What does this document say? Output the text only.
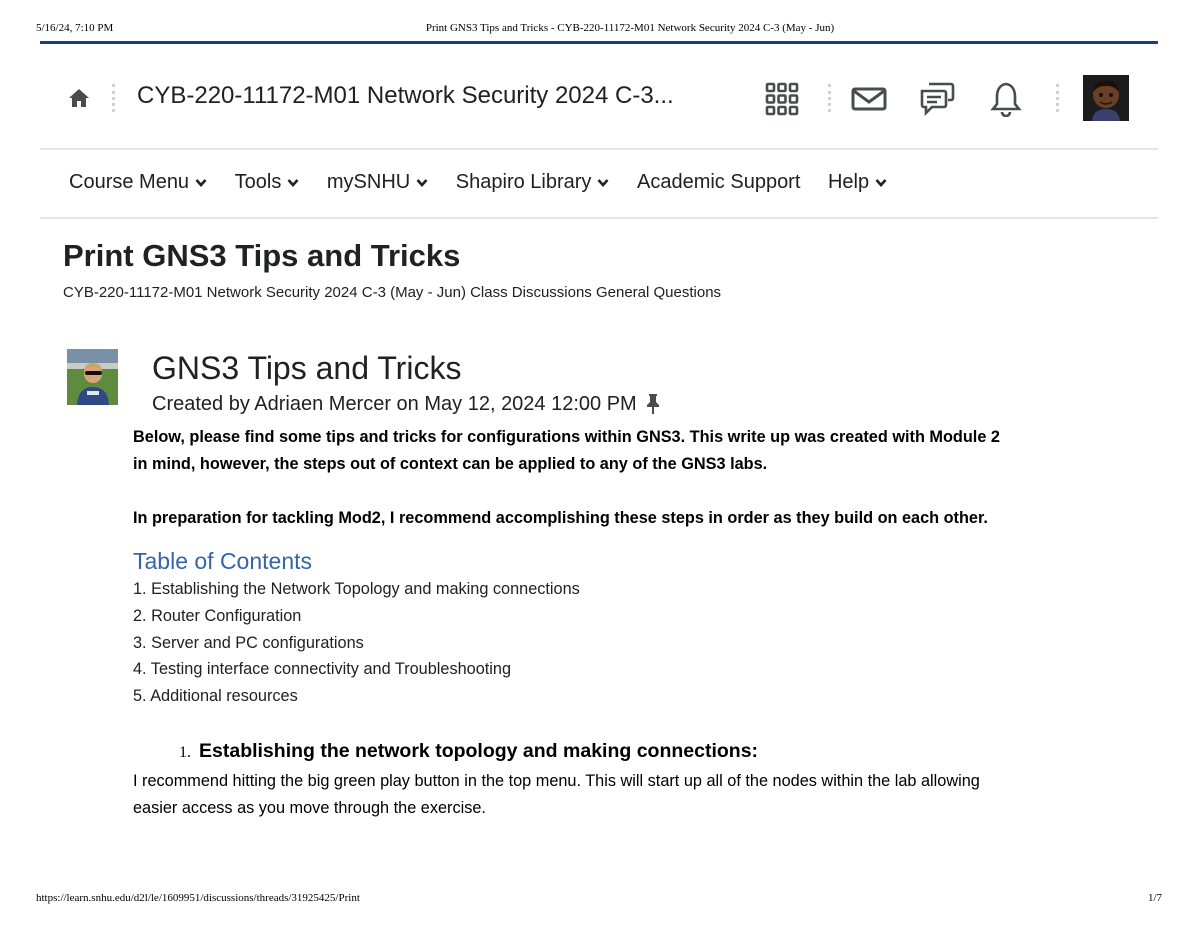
5/16/24, 7:10 PM	Print GNS3 Tips and Tricks - CYB-220-11172-M01 Network Security 2024 C-3 (May - Jun)
CYB-220-11172-M01 Network Security 2024 C-3...
Course Menu Tools mySNHU Shapiro Library Academic Support Help
Print GNS3 Tips and Tricks
CYB-220-11172-M01 Network Security 2024 C-3 (May - Jun) Class Discussions General Questions
GNS3 Tips and Tricks
Created by Adriaen Mercer on May 12, 2024 12:00 PM
Below, please find some tips and tricks for configurations within GNS3. This write up was created with Module 2
in mind, however, the steps out of context can be applied to any of the GNS3 labs.
In preparation for tackling Mod2, I recommend accomplishing these steps in order as they build on each other.
Table of Contents
1. Establishing the Network Topology and making connections
2. Router Configuration
3. Server and PC configurations
4. Testing interface connectivity and Troubleshooting
5. Additional resources
1. Establishing the network topology and making connections:
I recommend hitting the big green play button in the top menu. This will start up all of the nodes within the lab allowing
easier access as you move through the exercise.
https://learn.snhu.edu/d2l/le/1609951/discussions/threads/31925425/Print	1/7
